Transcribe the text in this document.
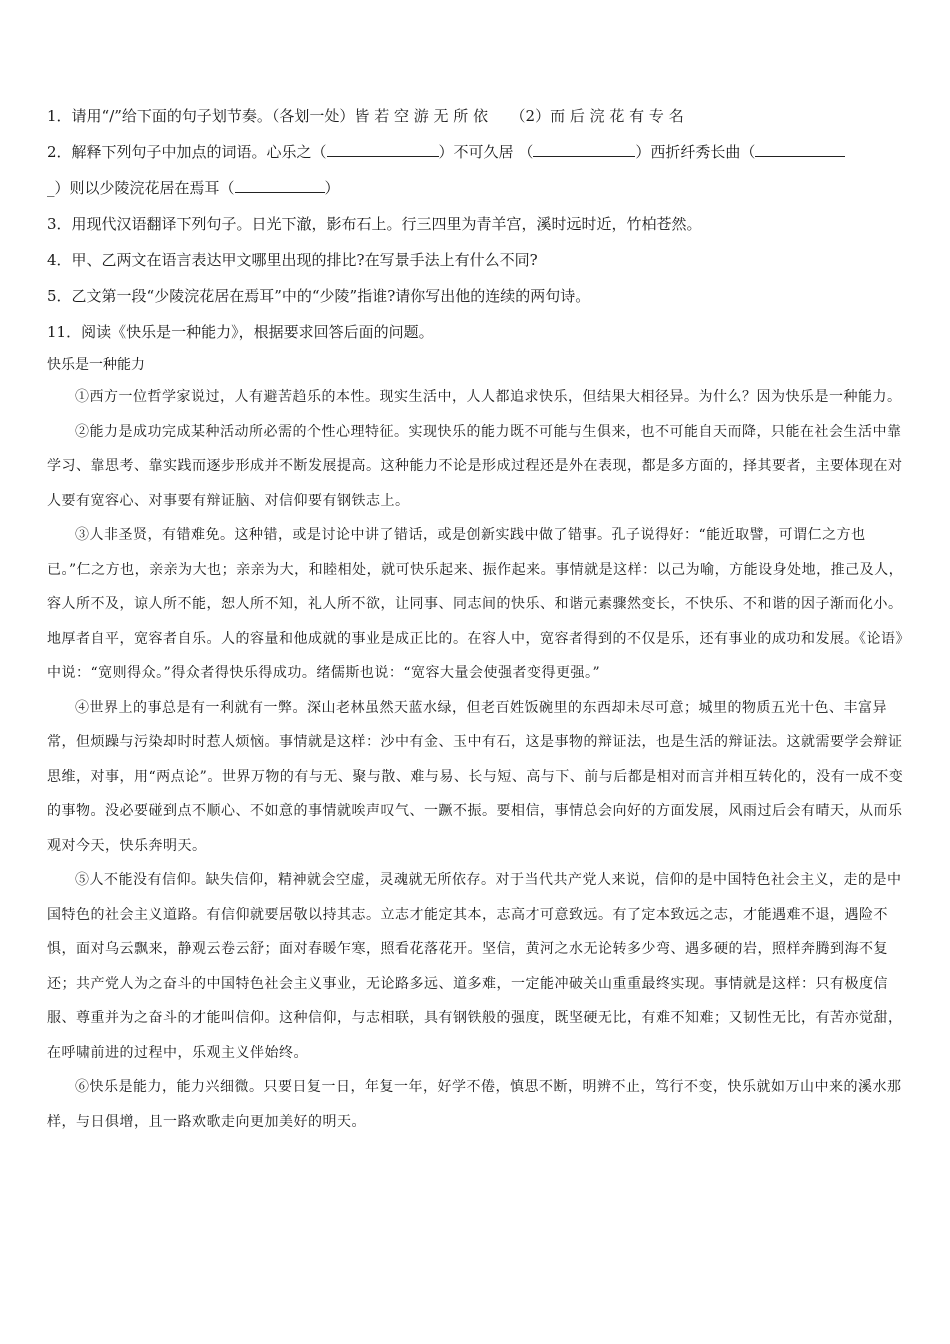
1．请用“/”给下面的句子划节奏。（各划一处）皆 若 空 游 无 所 依　　（2）而 后 浣 花 有 专 名

2．解释下列句子中加点的词语。心乐之（	）不可久居 （	）西折纤秀长曲（
_）则以少陵浣花居在焉耳（	）

3．用现代汉语翻译下列句子。日光下澈，影布石上。行三四里为青羊宫，溪时远时近，竹柏苍然。

4．甲、乙两文在语言表达甲文哪里出现的排比?在写景手法上有什么不同?

5．乙文第一段“少陵浣花居在焉耳”中的“少陵”指谁?请你写出他的连续的两句诗。

11．阅读《快乐是一种能力》，根据要求回答后面的问题。

快乐是一种能力

①西方一位哲学家说过，人有避苦趋乐的本性。现实生活中，人人都追求快乐，但结果大相径异。为什么？因为快乐是一种能力。

②能力是成功完成某种活动所必需的个性心理特征。实现快乐的能力既不可能与生俱来，也不可能自天而降，只能在社会生活中靠学习、靠思考、靠实践而逐步形成并不断发展提高。这种能力不论是形成过程还是外在表现，都是多方面的，择其要者，主要体现在对人要有宽容心、对事要有辩证脑、对信仰要有钢铁志上。

③人非圣贤，有错难免。这种错，或是讨论中讲了错话，或是创新实践中做了错事。孔子说得好：“能近取譬，可谓仁之方也已。”仁之方也，亲亲为大也；亲亲为大，和睦相处，就可快乐起来、振作起来。事情就是这样：以己为喻，方能设身处地，推己及人，容人所不及，谅人所不能，恕人所不知，礼人所不欲，让同事、同志间的快乐、和谐元素骤然变长，不快乐、不和谐的因子渐而化小。地厚者自平，宽容者自乐。人的容量和他成就的事业是成正比的。在容人中，宽容者得到的不仅是乐，还有事业的成功和发展。《论语》中说：“宽则得众。”得众者得快乐得成功。绪儒斯也说：“宽容大量会使强者变得更强。”

④世界上的事总是有一利就有一弊。深山老林虽然天蓝水绿，但老百姓饭碗里的东西却未尽可意；城里的物质五光十色、丰富异常，但烦躁与污染却时时惹人烦恼。事情就是这样：沙中有金、玉中有石，这是事物的辩证法，也是生活的辩证法。这就需要学会辩证思维，对事，用“两点论”。世界万物的有与无、聚与散、难与易、长与短、高与下、前与后都是相对而言并相互转化的，没有一成不变的事物。没必要碰到点不顺心、不如意的事情就唉声叹气、一蹶不振。要相信，事情总会向好的方面发展，风雨过后会有晴天，从而乐观对今天，快乐奔明天。

⑤人不能没有信仰。缺失信仰，精神就会空虚，灵魂就无所依存。对于当代共产党人来说，信仰的是中国特色社会主义，走的是中国特色的社会主义道路。有信仰就要居敬以持其志。立志才能定其本，志高才可意致远。有了定本致远之志，才能遇难不退，遇险不惧，面对乌云飘来，静观云卷云舒；面对春暖乍寒，照看花落花开。坚信，黄河之水无论转多少弯、遇多硬的岩，照样奔腾到海不复还；共产党人为之奋斗的中国特色社会主义事业，无论路多远、道多难，一定能冲破关山重重最终实现。事情就是这样：只有极度信服、尊重并为之奋斗的才能叫信仰。这种信仰，与志相联，具有钢铁般的强度，既坚硬无比，有难不知难；又韧性无比，有苦亦觉甜，在呼啸前进的过程中，乐观主义伴始终。

⑥快乐是能力，能力兴细微。只要日复一日，年复一年，好学不倦，慎思不断，明辨不止，笃行不变，快乐就如万山中来的溪水那样，与日俱增，且一路欢歌走向更加美好的明天。
